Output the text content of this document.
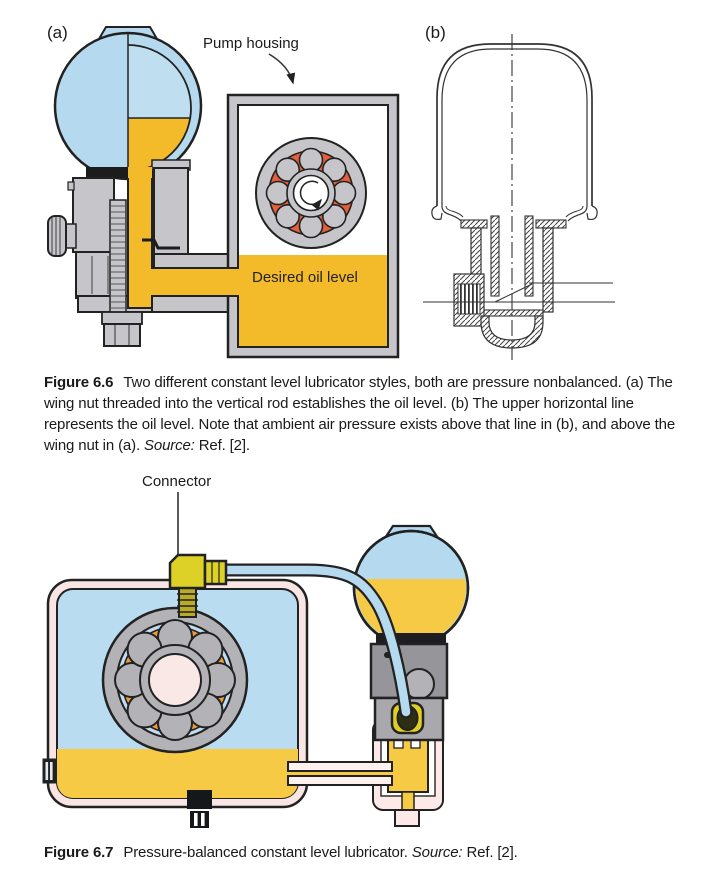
(a)
Pump housing
Desired oil level
(b)

Figure 6.6 Two different constant level lubricator styles, both are pressure nonbalanced. (a) The wing nut threaded into the vertical rod establishes the oil level. (b) The upper horizontal line represents the oil level. Note that ambient air pressure exists above that line in (b), and above the wing nut in (a). Source: Ref. [2].

Connector

Figure 6.7 Pressure-balanced constant level lubricator. Source: Ref. [2].
